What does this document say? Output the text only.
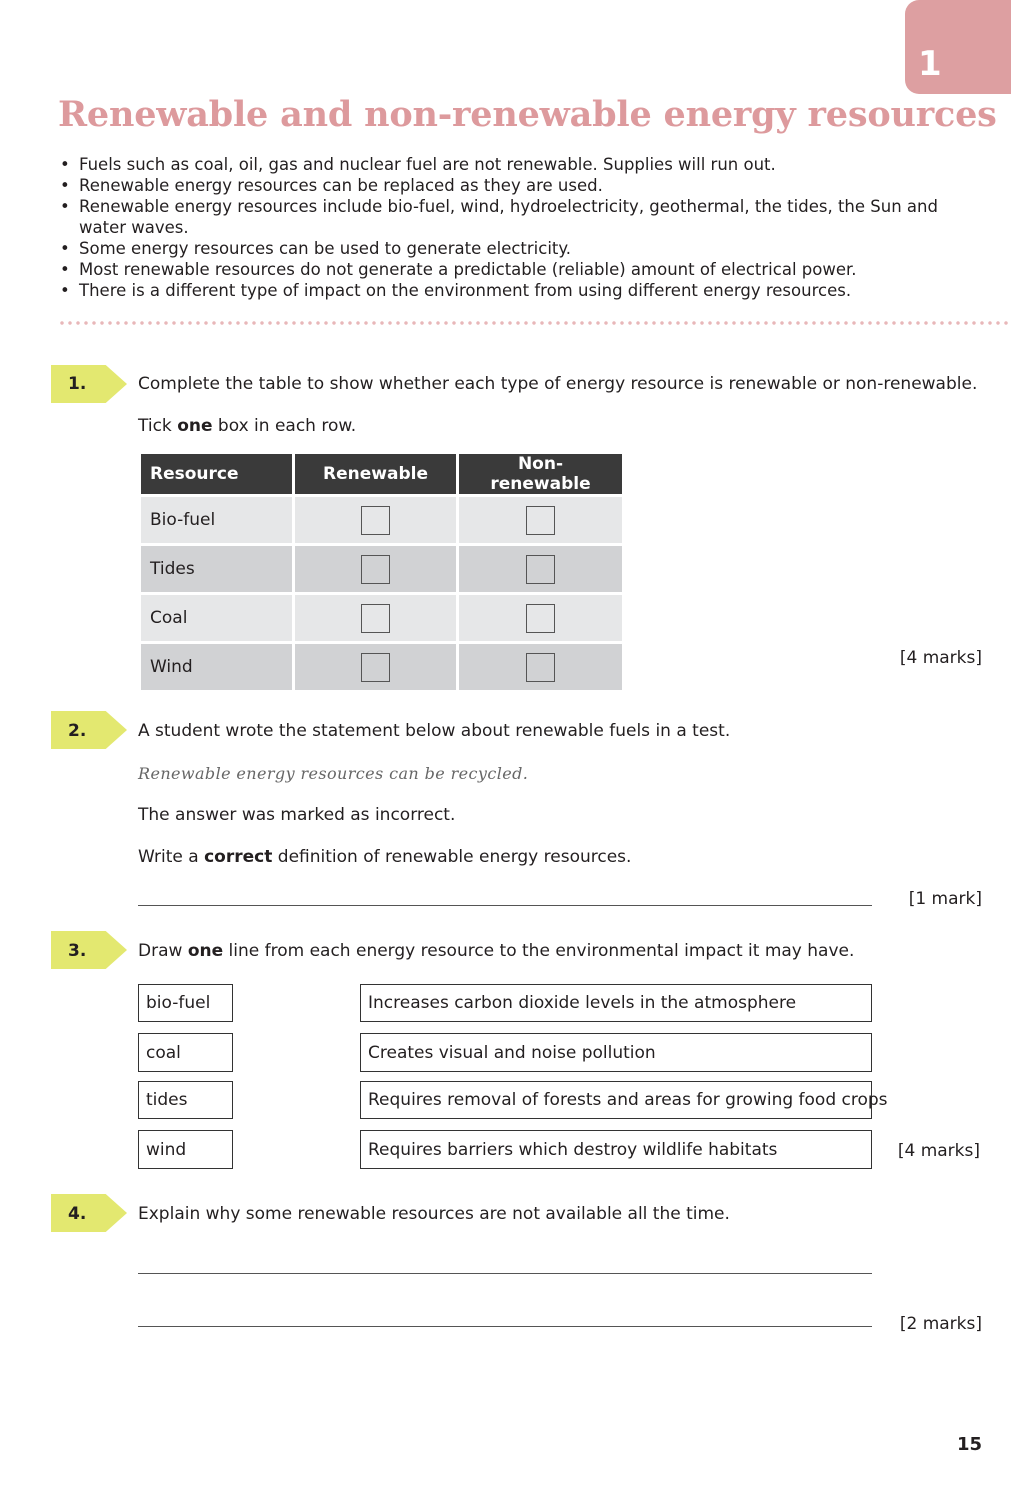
1
Renewable and non-renewable energy resources
• Fuels such as coal, oil, gas and nuclear fuel are not renewable. Supplies will run out.
• Renewable energy resources can be replaced as they are used.
• Renewable energy resources include bio-fuel, wind, hydroelectricity, geothermal, the tides, the Sun and water waves.
• Some energy resources can be used to generate electricity.
• Most renewable resources do not generate a predictable (reliable) amount of electrical power.
• There is a different type of impact on the environment from using different energy resources.
1.	Complete the table to show whether each type of energy resource is renewable or non-renewable.
Tick one box in each row.
Resource	Renewable	Non-renewable
Bio-fuel	

Tides	

Coal	

Wind	
		[4 marks]
2.	A student wrote the statement below about renewable fuels in a test.
Renewable energy resources can be recycled.
The answer was marked as incorrect.
Write a correct definition of renewable energy resources.
[1 mark]
3.	Draw one line from each energy resource to the environmental impact it may have.
bio-fuel
coal
tides
wind
Increases carbon dioxide levels in the atmosphere
Creates visual and noise pollution
Requires removal of forests and areas for growing food crops
Requires barriers which destroy wildlife habitats	[4 marks]
4.	Explain why some renewable resources are not available all the time.
[2 marks]
15
